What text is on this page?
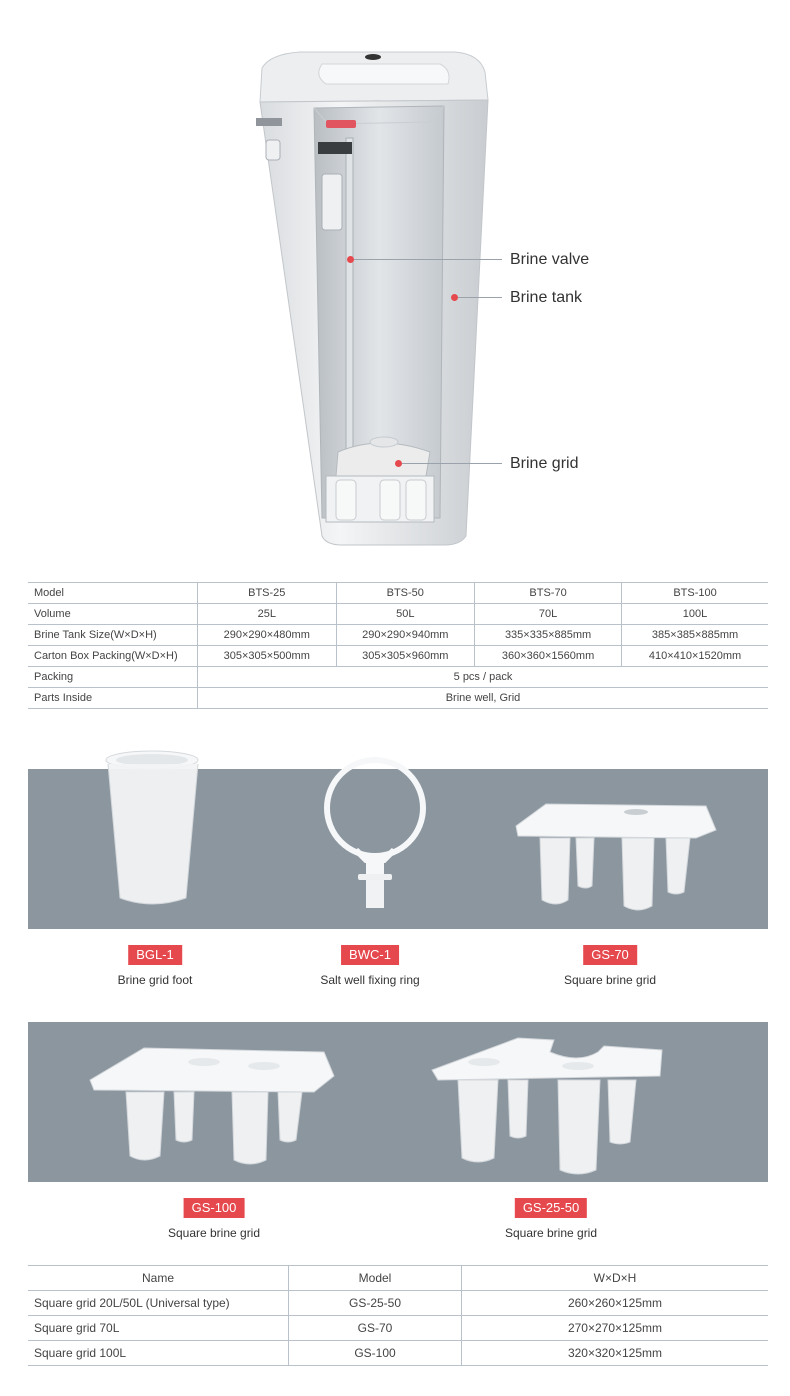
Brine valve
Brine tank
Brine grid
Model	BTS-25	BTS-50	BTS-70	BTS-100
Volume	25L	50L	70L	100L
Brine Tank Size(W×D×H)	290×290×480mm	290×290×940mm	335×335×885mm	385×385×885mm
Carton Box Packing(W×D×H)	305×305×500mm	305×305×960mm	360×360×1560mm	410×410×1520mm
Packing	5 pcs / pack			
Parts Inside	Brine well, Grid			
BGL-1
Brine grid foot
BWC-1
Salt well fixing ring
GS-70
Square brine grid
GS-100
Square brine grid
GS-25-50
Square brine grid
Name	Model	W×D×H
Square grid 20L/50L (Universal type)	GS-25-50	260×260×125mm
Square grid 70L	GS-70	270×270×125mm
Square grid 100L	GS-100	320×320×125mm
